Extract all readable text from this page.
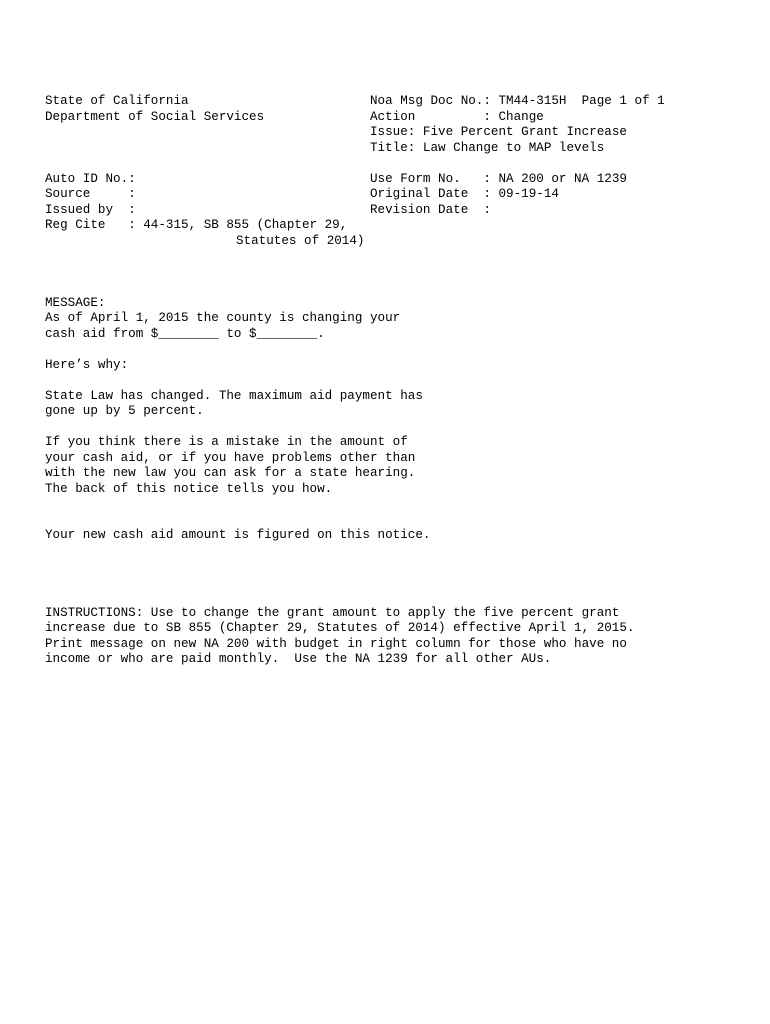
State of California
Department of Social Services
Noa Msg Doc No.: TM44-315H  Page 1 of 1
Action         : Change
Issue: Five Percent Grant Increase
Title: Law Change to MAP levels
Auto ID No.:
Source     :
Issued by  :
Reg Cite   : 44-315, SB 855 (Chapter 29,
Statutes of 2014)
Use Form No.   : NA 200 or NA 1239
Original Date  : 09-19-14
Revision Date  :
MESSAGE:
As of April 1, 2015 the county is changing your
cash aid from $________ to $________.
Here’s why:
State Law has changed. The maximum aid payment has
gone up by 5 percent.
If you think there is a mistake in the amount of
your cash aid, or if you have problems other than
with the new law you can ask for a state hearing.
The back of this notice tells you how.
Your new cash aid amount is figured on this notice.
INSTRUCTIONS: Use to change the grant amount to apply the five percent grant
increase due to SB 855 (Chapter 29, Statutes of 2014) effective April 1, 2015.
Print message on new NA 200 with budget in right column for those who have no
income or who are paid monthly.  Use the NA 1239 for all other AUs.
